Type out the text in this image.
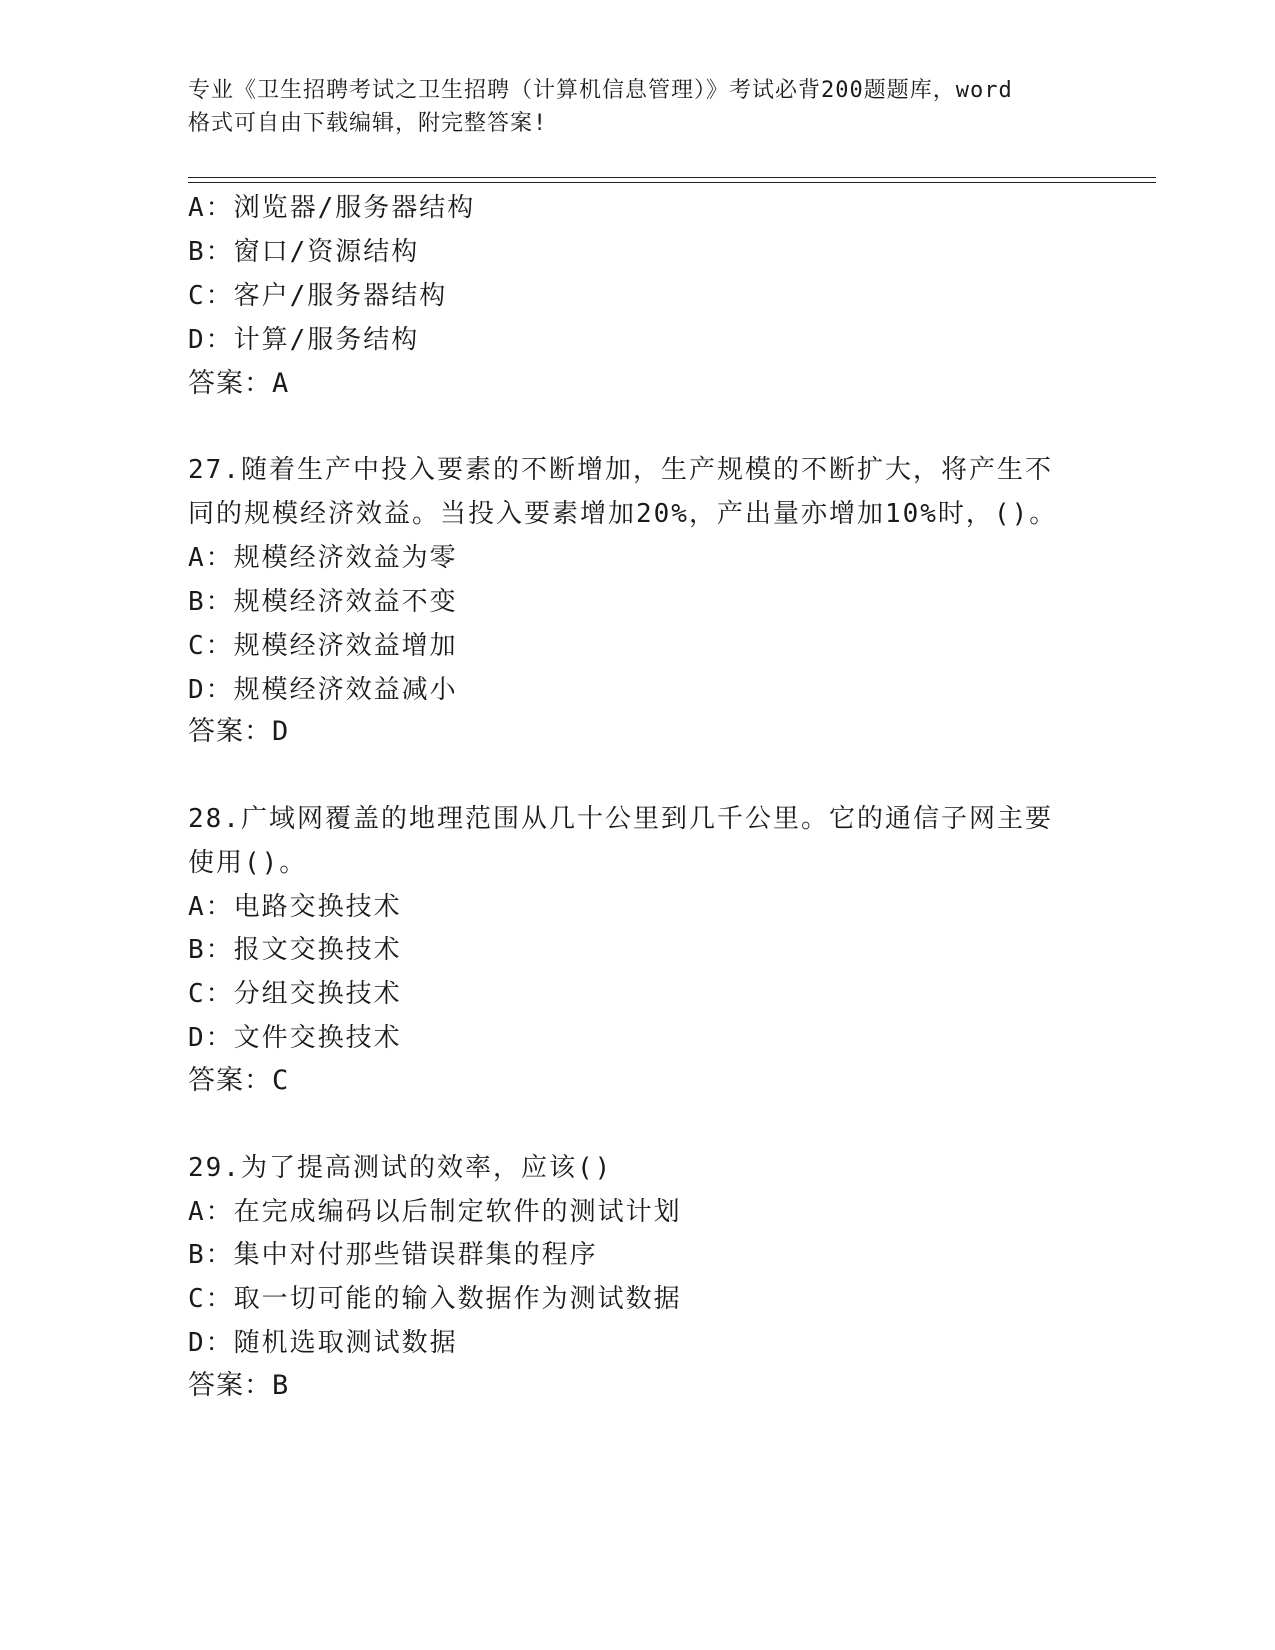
专业《卫生招聘考试之卫生招聘（计算机信息管理）》考试必背200题题库，word
格式可自由下载编辑，附完整答案!
A：浏览器/服务器结构
B：窗口/资源结构
C：客户/服务器结构
D：计算/服务结构
答案：A
27.随着生产中投入要素的不断增加，生产规模的不断扩大，将产生不
同的规模经济效益。当投入要素增加20%，产出量亦增加10%时，()。
A：规模经济效益为零
B：规模经济效益不变
C：规模经济效益增加
D：规模经济效益减小
答案：D
28.广域网覆盖的地理范围从几十公里到几千公里。它的通信子网主要
使用()。
A：电路交换技术
B：报文交换技术
C：分组交换技术
D：文件交换技术
答案：C
29.为了提高测试的效率，应该()
A：在完成编码以后制定软件的测试计划
B：集中对付那些错误群集的程序
C：取一切可能的输入数据作为测试数据
D：随机选取测试数据
答案：B
